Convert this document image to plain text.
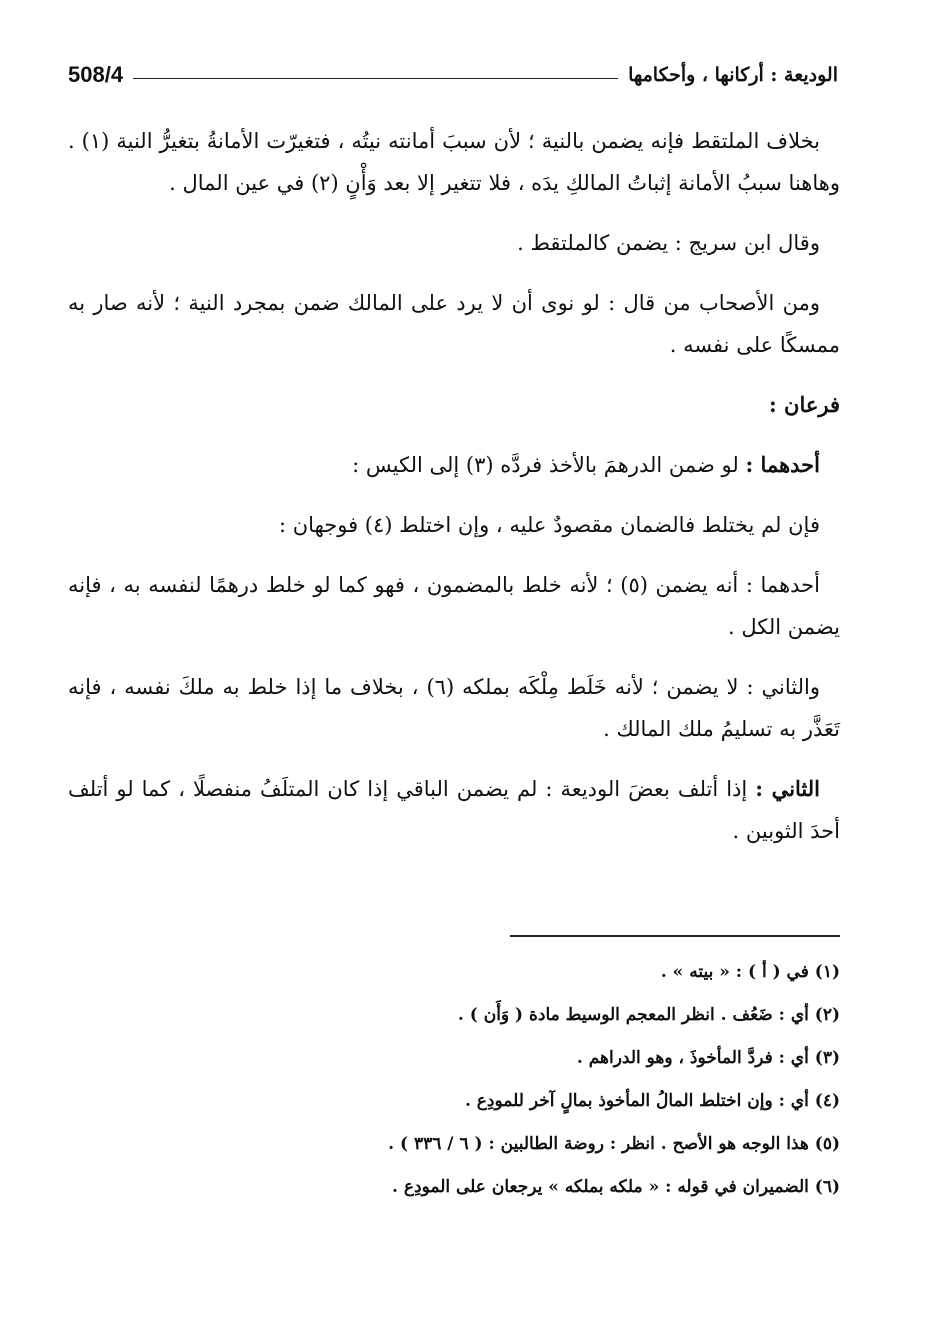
الوديعة : أركانها ، وأحكامها
508/4

بخلاف الملتقط فإنه يضمن بالنية ؛ لأن سببَ أمانته نيتُه ، فتغيرّت الأمانةُ بتغيرُّ النية (١) . وهاهنا سببُ الأمانة إثباتُ المالكِ يدَه ، فلا تتغير إلا بعد وَأْنٍ (٢) في عين المال .

وقال ابن سريج : يضمن كالملتقط .

ومن الأصحاب من قال : لو نوى أن لا يرد على المالك ضمن بمجرد النية ؛ لأنه صار به ممسكًا على نفسه .

فرعان :

أحدهما : لو ضمن الدرهمَ بالأخذ فردَّه (٣) إلى الكيس :

فإن لم يختلط فالضمان مقصودٌ عليه ، وإن اختلط (٤) فوجهان :

أحدهما : أنه يضمن (٥) ؛ لأنه خلط بالمضمون ، فهو كما لو خلط درهمًا لنفسه به ، فإنه يضمن الكل .

والثاني : لا يضمن ؛ لأنه خَلَط مِلْكَه بملكه (٦) ، بخلاف ما إذا خلط به ملكَ نفسه ، فإنه تَعَذَّر به تسليمُ ملك المالك .

الثاني : إذا أتلف بعضَ الوديعة : لم يضمن الباقي إذا كان المتلَفُ منفصلًا ، كما لو أتلف أحدَ الثوبين .

(١) في ( أ ) : « بيته » .
(٢) أي : ضَعُف . انظر المعجم الوسيط مادة ( وَأَن ) .
(٣) أي : فردَّ المأخوذَ ، وهو الدراهم .
(٤) أي : وإن اختلط المالُ المأخوذ بمالٍ آخر للمودِع .
(٥) هذا الوجه هو الأصح . انظر : روضة الطالبين : ( ٦ / ٣٣٦ ) .
(٦) الضميران في قوله : « ملكه بملكه » يرجعان على المودِع .
